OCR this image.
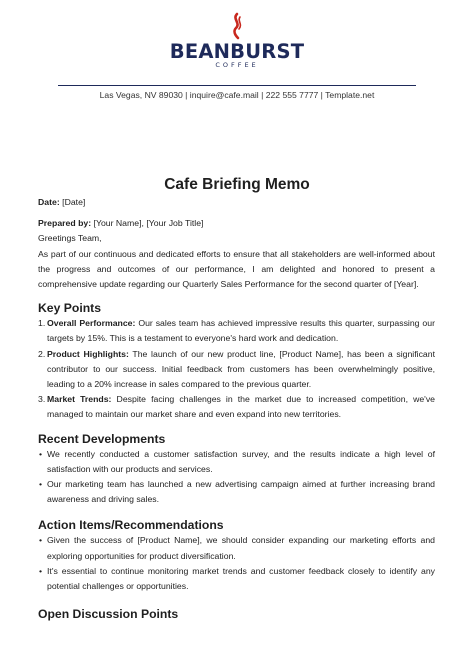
BEANBURST
COFFEE
Las Vegas, NV 89030 | inquire@cafe.mail | 222 555 7777 | Template.net
Cafe Briefing Memo

Date: [Date]

Prepared by: [Your Name], [Your Job Title]

Greetings Team,

As part of our continuous and dedicated efforts to ensure that all stakeholders are well-informed about the progress and outcomes of our performance, I am delighted and honored to present a comprehensive update regarding our Quarterly Sales Performance for the second quarter of [Year].

Key Points
1. Overall Performance: Our sales team has achieved impressive results this quarter, surpassing our targets by 15%. This is a testament to everyone's hard work and dedication.
2. Product Highlights: The launch of our new product line, [Product Name], has been a significant contributor to our success. Initial feedback from customers has been overwhelmingly positive, leading to a 20% increase in sales compared to the previous quarter.
3. Market Trends: Despite facing challenges in the market due to increased competition, we've managed to maintain our market share and even expand into new territories.
Recent Developments
• We recently conducted a customer satisfaction survey, and the results indicate a high level of satisfaction with our products and services.
• Our marketing team has launched a new advertising campaign aimed at further increasing brand awareness and driving sales.
Action Items/Recommendations
• Given the success of [Product Name], we should consider expanding our marketing efforts and exploring opportunities for product diversification.
• It's essential to continue monitoring market trends and customer feedback closely to identify any potential challenges or opportunities.
Open Discussion Points
